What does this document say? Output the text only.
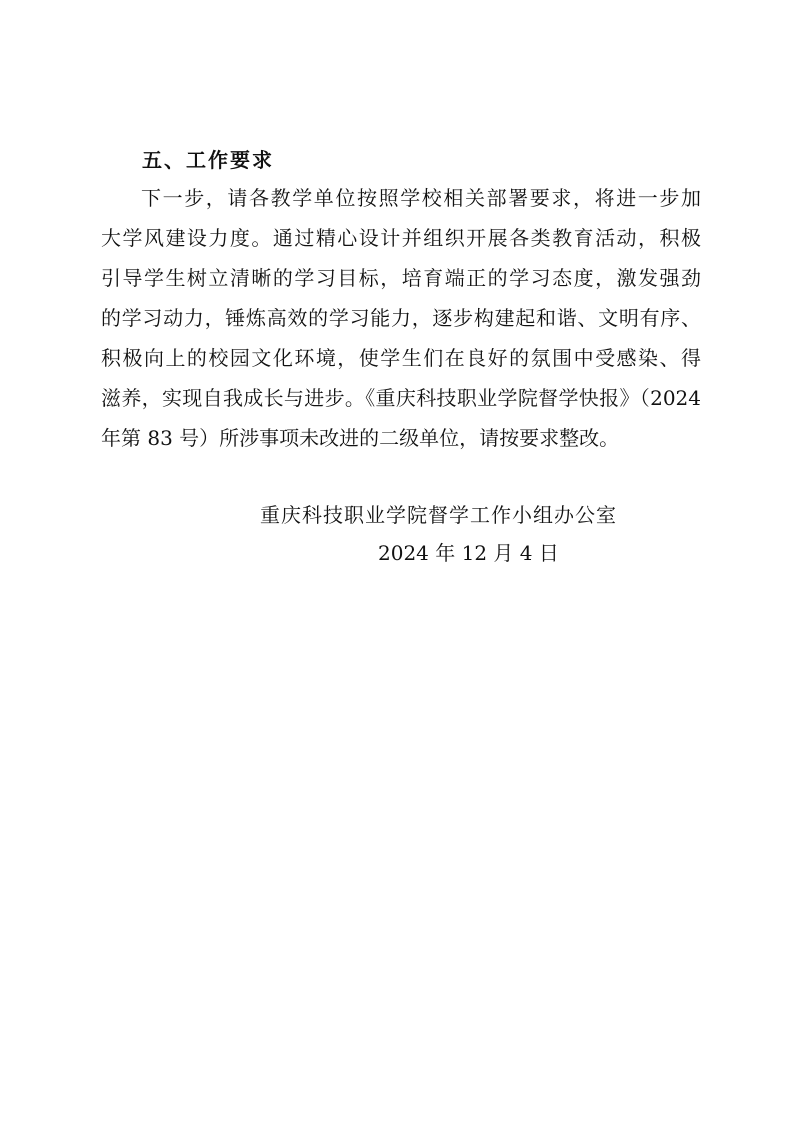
五、工作要求
下一步，请各教学单位按照学校相关部署要求，将进一步加
大学风建设力度。通过精心设计并组织开展各类教育活动，积极
引导学生树立清晰的学习目标，培育端正的学习态度，激发强劲
的学习动力，锤炼高效的学习能力，逐步构建起和谐、文明有序、
积极向上的校园文化环境，使学生们在良好的氛围中受感染、得
滋养，实现自我成长与进步。《重庆科技职业学院督学快报》（2024
年第 83 号）所涉事项未改进的二级单位，请按要求整改。
重庆科技职业学院督学工作小组办公室
2024 年 12 月 4 日
